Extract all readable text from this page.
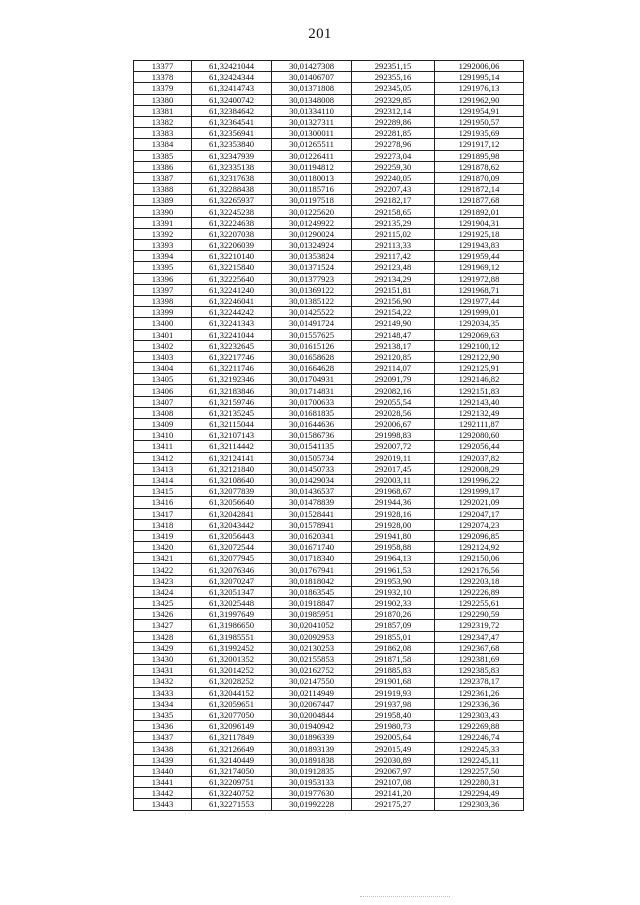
201
13377	61,32421044	30,01427308	292351,15	1292006,06
13378	61,32424344	30,01406707	292355,16	1291995,14
13379	61,32414743	30,01371808	292345,05	1291976,13
13380	61,32400742	30,01348008	292329,85	1291962,90
13381	61,32384642	30,01334110	292312,14	1291954,91
13382	61,32364541	30,01327311	292289,86	1291950,57
13383	61,32356941	30,01300011	292281,85	1291935,69
13384	61,32353840	30,01265511	292278,96	1291917,12
13385	61,32347939	30,01226411	292273,04	1291895,98
13386	61,32335138	30,01194812	292259,30	1291878,62
13387	61,32317638	30,01180013	292240,05	1291870,09
13388	61,32288438	30,01185716	292207,43	1291872,14
13389	61,32265937	30,01197518	292182,17	1291877,68
13390	61,32245238	30,01225620	292158,65	1291892,01
13391	61,32224638	30,01249922	292135,29	1291904,31
13392	61,32207038	30,01290024	292115,02	1291925,18
13393	61,32206039	30,01324924	292113,33	1291943,83
13394	61,32210140	30,01353824	292117,42	1291959,44
13395	61,32215840	30,01371524	292123,48	1291969,12
13396	61,32225640	30,01377923	292134,29	1291972,88
13397	61,32241240	30,01369122	292151,81	1291968,71
13398	61,32246041	30,01385122	292156,90	1291977,44
13399	61,32244242	30,01425522	292154,22	1291999,01
13400	61,32241343	30,01491724	292149,90	1292034,35
13401	61,32241044	30,01557625	292148,47	1292069,63
13402	61,32232645	30,01615126	292138,17	1292100,12
13403	61,32217746	30,01658628	292120,85	1292122,90
13404	61,32211746	30,01664628	292114,07	1292125,91
13405	61,32192346	30,01704931	292091,79	1292146,82
13406	61,32183846	30,01714831	292082,16	1292151,83
13407	61,32159746	30,01700633	292055,54	1292143,40
13408	61,32135245	30,01681835	292028,56	1292132,49
13409	61,32115044	30,01644636	292006,67	1292111,87
13410	61,32107143	30,01586736	291998,83	1292080,60
13411	61,32114442	30,01541135	292007,72	1292056,44
13412	61,32124141	30,01505734	292019,11	1292037,82
13413	61,32121840	30,01450733	292017,45	1292008,29
13414	61,32108640	30,01429034	292003,11	1291996,22
13415	61,32077839	30,01436537	291968,67	1291999,17
13416	61,32056640	30,01478839	291944,36	1292021,09
13417	61,32042841	30,01528441	291928,16	1292047,17
13418	61,32043442	30,01578941	291928,00	1292074,23
13419	61,32056443	30,01620341	291941,80	1292096,85
13420	61,32072544	30,01671740	291958,88	1292124,92
13421	61,32077945	30,01718340	291964,13	1292150,06
13422	61,32076346	30,01767941	291961,53	1292176,56
13423	61,32070247	30,01818042	291953,90	1292203,18
13424	61,32051347	30,01863545	291932,10	1292226,89
13425	61,32025448	30,01918847	291902,33	1292255,61
13426	61,31997649	30,01985951	291870,26	1292290,59
13427	61,31986650	30,02041052	291857,09	1292319,72
13428	61,31985551	30,02092953	291855,01	1292347,47
13429	61,31992452	30,02130253	291862,08	1292367,68
13430	61,32001352	30,02155853	291871,58	1292381,69
13431	61,32014252	30,02162752	291885,83	1292385,83
13432	61,32028252	30,02147550	291901,68	1292378,17
13433	61,32044152	30,02114949	291919,93	1292361,26
13434	61,32059651	30,02067447	291937,98	1292336,36
13435	61,32077050	30,02004844	291958,40	1292303,43
13436	61,32096149	30,01940942	291980,73	1292269,88
13437	61,32117849	30,01896339	292005,64	1292246,74
13438	61,32126649	30,01893139	292015,49	1292245,33
13439	61,32140449	30,01891838	292030,89	1292245,11
13440	61,32174050	30,01912835	292067,97	1292257,50
13441	61,32209751	30,01953133	292107,08	1292280,31
13442	61,32240752	30,01977630	292141,20	1292294,49
13443	61,32271553	30,01992228	292175,27	1292303,36
